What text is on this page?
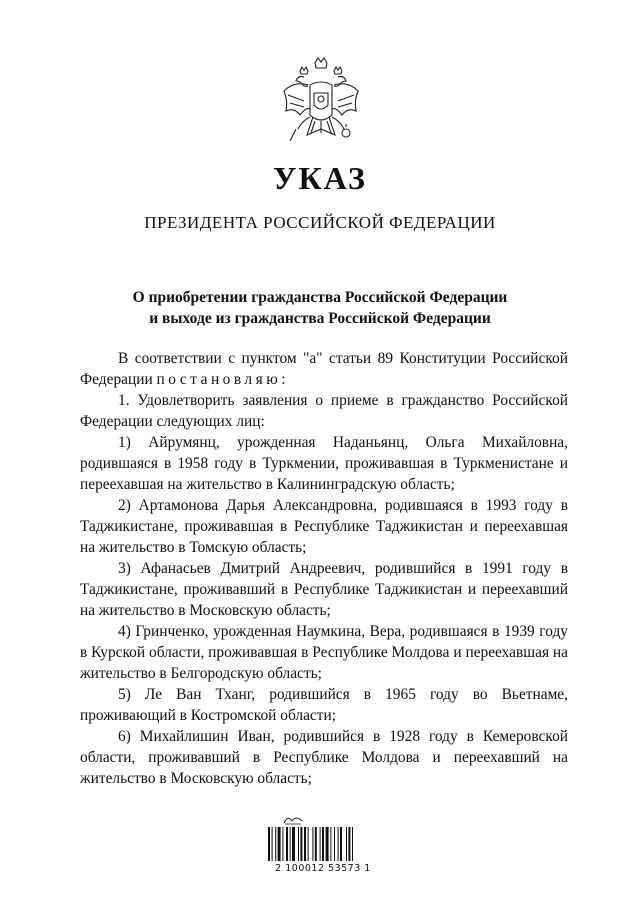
УКАЗ
ПРЕЗИДЕНТА РОССИЙСКОЙ ФЕДЕРАЦИИ
О приобретении гражданства Российской Федерации
и выходе из гражданства Российской Федерации

В соответствии с пунктом "а" статьи 89 Конституции Российской Федерации постановляю:

1. Удовлетворить заявления о приеме в гражданство Российской Федерации следующих лиц:

1) Айрумянц, урожденная Наданьянц, Ольга Михайловна, родившаяся в 1958 году в Туркмении, проживавшая в Туркменистане и переехавшая на жительство в Калининградскую область;

2) Артамонова Дарья Александровна, родившаяся в 1993 году в Таджикистане, проживавшая в Республике Таджикистан и переехавшая на жительство в Томскую область;

3) Афанасьев Дмитрий Андреевич, родившийся в 1991 году в Таджикистане, проживавший в Республике Таджикистан и переехавший на жительство в Московскую область;

4) Гринченко, урожденная Наумкина, Вера, родившаяся в 1939 году в Курской области, проживавшая в Республике Молдова и переехавшая на жительство в Белгородскую область;

5) Ле Ван Тханг, родившийся в 1965 году во Вьетнаме, проживающий в Костромской области;

6) Михайлишин Иван, родившийся в 1928 году в Кемеровской области, проживавший в Республике Молдова и переехавший на жительство в Московскую область;

2 100012 53573 1
